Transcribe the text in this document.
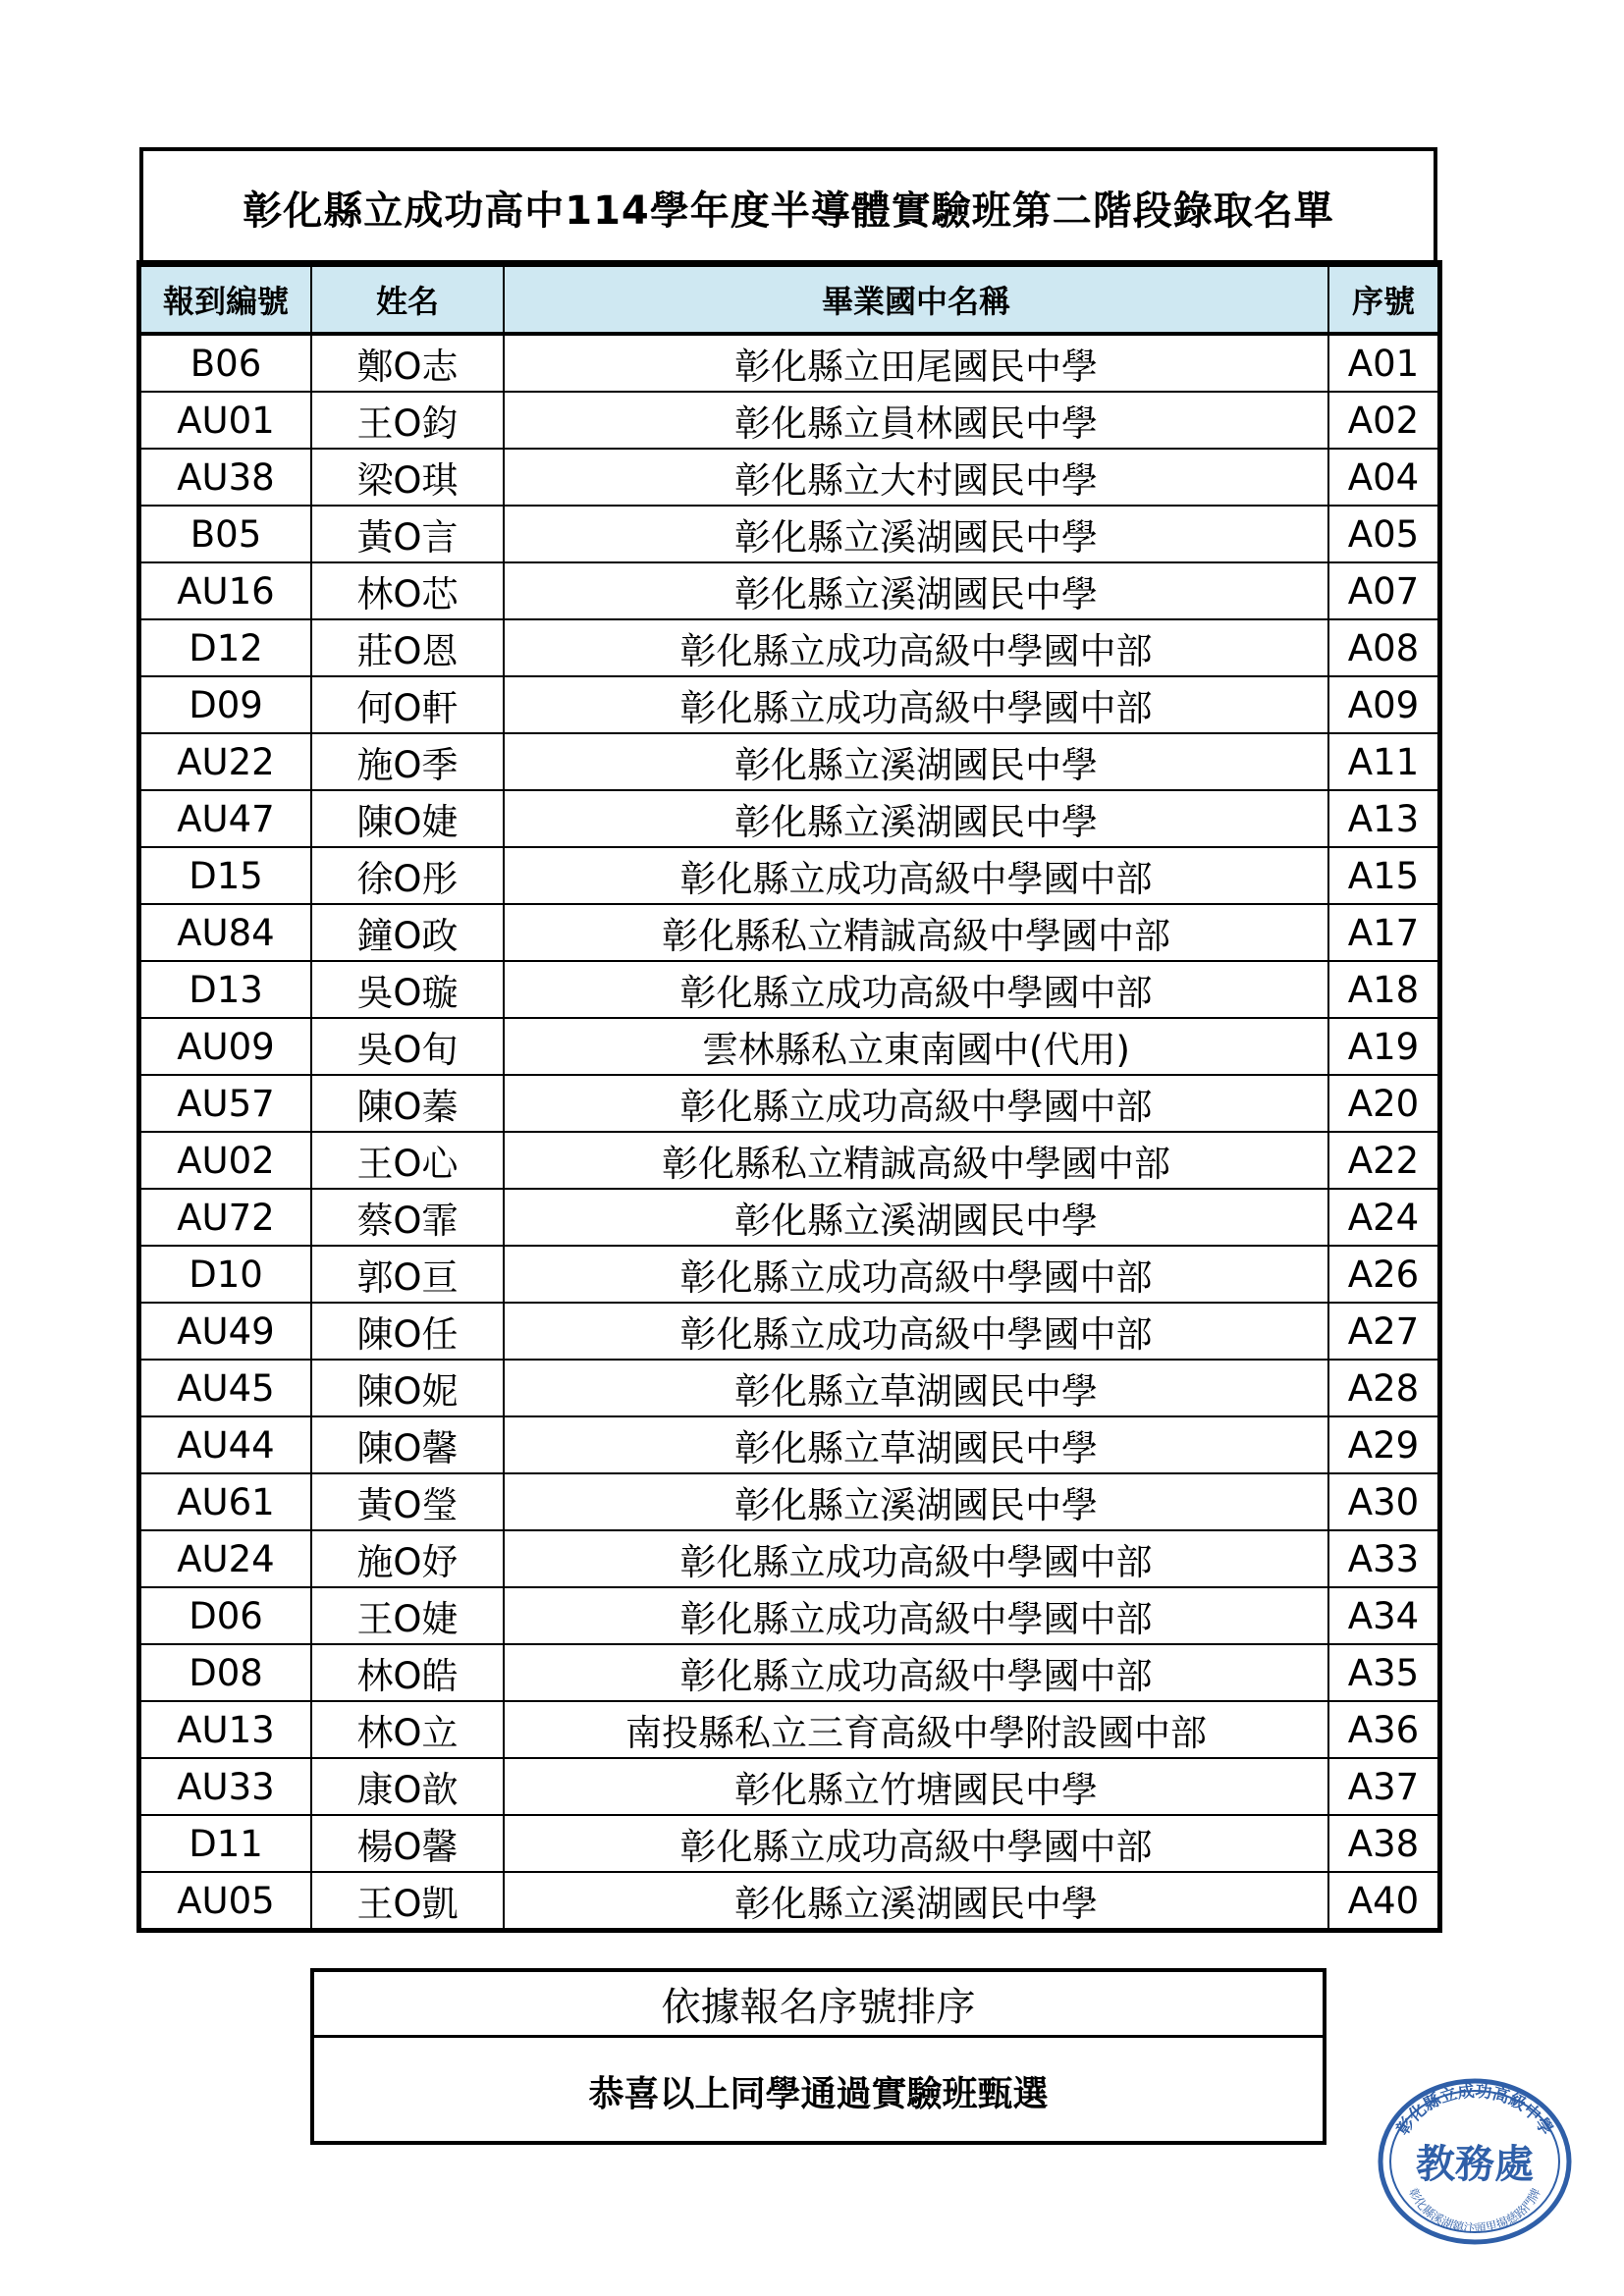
彰化縣立成功高中114學年度半導體實驗班第二階段錄取名單
報到編號	姓名	畢業國中名稱	序號
B06	鄭O志	彰化縣立田尾國民中學	A01
AU01	王O鈞	彰化縣立員林國民中學	A02
AU38	梁O琪	彰化縣立大村國民中學	A04
B05	黃O言	彰化縣立溪湖國民中學	A05
AU16	林O芯	彰化縣立溪湖國民中學	A07
D12	莊O恩	彰化縣立成功高級中學國中部	A08
D09	何O軒	彰化縣立成功高級中學國中部	A09
AU22	施O季	彰化縣立溪湖國民中學	A11
AU47	陳O婕	彰化縣立溪湖國民中學	A13
D15	徐O彤	彰化縣立成功高級中學國中部	A15
AU84	鐘O政	彰化縣私立精誠高級中學國中部	A17
D13	吳O璇	彰化縣立成功高級中學國中部	A18
AU09	吳O旬	雲林縣私立東南國中(代用)	A19
AU57	陳O蓁	彰化縣立成功高級中學國中部	A20
AU02	王O心	彰化縣私立精誠高級中學國中部	A22
AU72	蔡O霏	彰化縣立溪湖國民中學	A24
D10	郭O亘	彰化縣立成功高級中學國中部	A26
AU49	陳O任	彰化縣立成功高級中學國中部	A27
AU45	陳O妮	彰化縣立草湖國民中學	A28
AU44	陳O馨	彰化縣立草湖國民中學	A29
AU61	黃O瑩	彰化縣立溪湖國民中學	A30
AU24	施O妤	彰化縣立成功高級中學國中部	A33
D06	王O婕	彰化縣立成功高級中學國中部	A34
D08	林O皓	彰化縣立成功高級中學國中部	A35
AU13	林O立	南投縣私立三育高級中學附設國中部	A36
AU33	康O歆	彰化縣立竹塘國民中學	A37
D11	楊O馨	彰化縣立成功高級中學國中部	A38
AU05	王O凱	彰化縣立溪湖國民中學	A40
依據報名序號排序
恭喜以上同學通過實驗班甄選
彰化縣立成功高級中學
教務處
彰化縣溪湖鎮汴頭里揚慈路門牌
